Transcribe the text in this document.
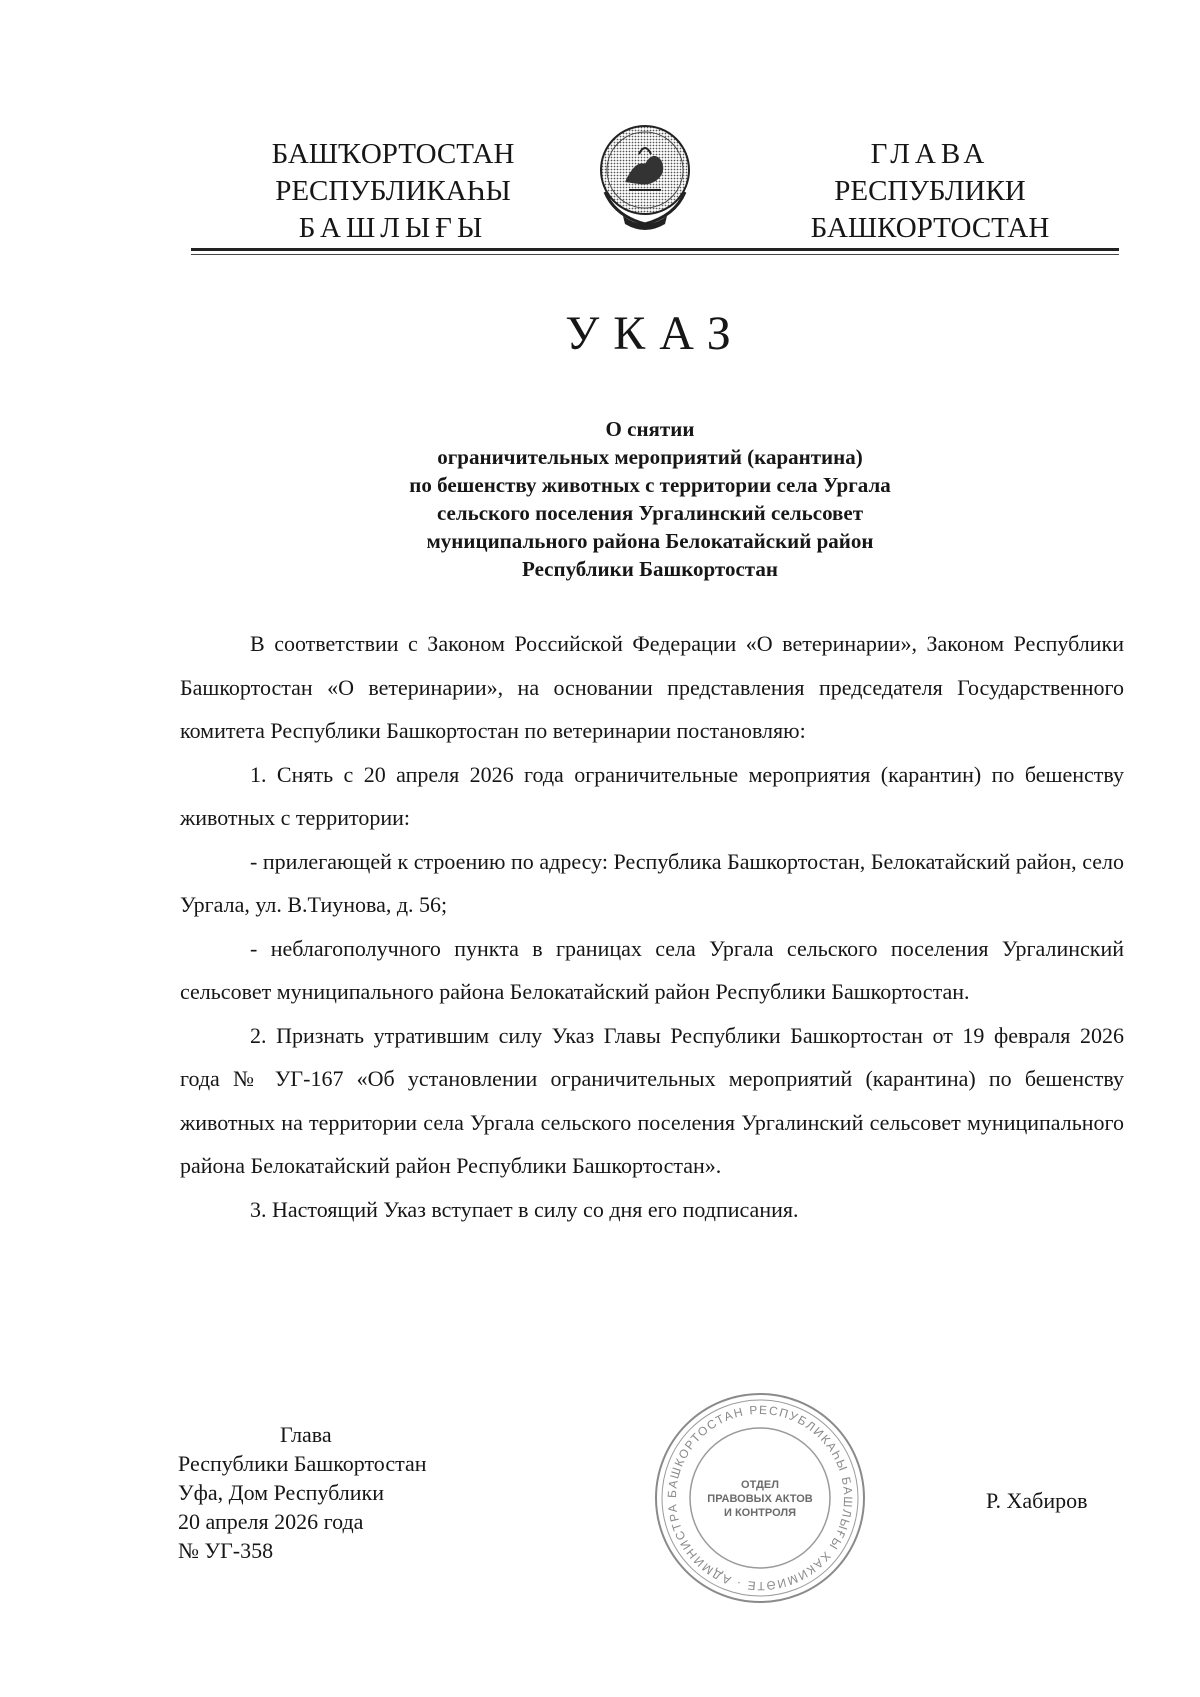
БАШҠОРТОСТАН
РЕСПУБЛИКАҺЫ
БАШЛЫҒЫ
ГЛАВА
РЕСПУБЛИКИ
БАШКОРТОСТАН
УКАЗ
О снятии
ограничительных мероприятий (карантина)
по бешенству животных с территории села Ургала
сельского поселения Ургалинский сельсовет
муниципального района Белокатайский район
Республики Башкортостан

В соответствии с Законом Российской Федерации «О ветеринарии», Законом Республики Башкортостан «О ветеринарии», на основании представления председателя Государственного комитета Республики Башкортостан по ветеринарии постановляю:

1. Снять с 20 апреля 2026 года ограничительные мероприятия (карантин) по бешенству животных с территории:

- прилегающей к строению по адресу: Республика Башкортостан, Белокатайский район, село Ургала, ул. В.Тиунова, д. 56;

- неблагополучного пункта в границах села Ургала сельского поселения Ургалинский сельсовет муниципального района Белокатайский район Республики Башкортостан.

2. Признать утратившим силу Указ Главы Республики Башкортостан от 19 февраля 2026 года № УГ-167 «Об установлении ограничительных мероприятий (карантина) по бешенству животных на территории села Ургала сельского поселения Ургалинский сельсовет муниципального района Белокатайский район Республики Башкортостан».

3. Настоящий Указ вступает в силу со дня его подписания.

Глава
Республики Башкортостан
Уфа, Дом Республики
20 апреля 2026 года
№ УГ-358
БАШКОРТОСТАН РЕСПУБЛИКАҺЫ БАШЛЫҒЫ ХАКИМИӘТЕ · АДМИНИСТРА
ОТДЕЛ
ПРАВОВЫХ АКТОВ
И КОНТРОЛЯ	Р. Хабиров
